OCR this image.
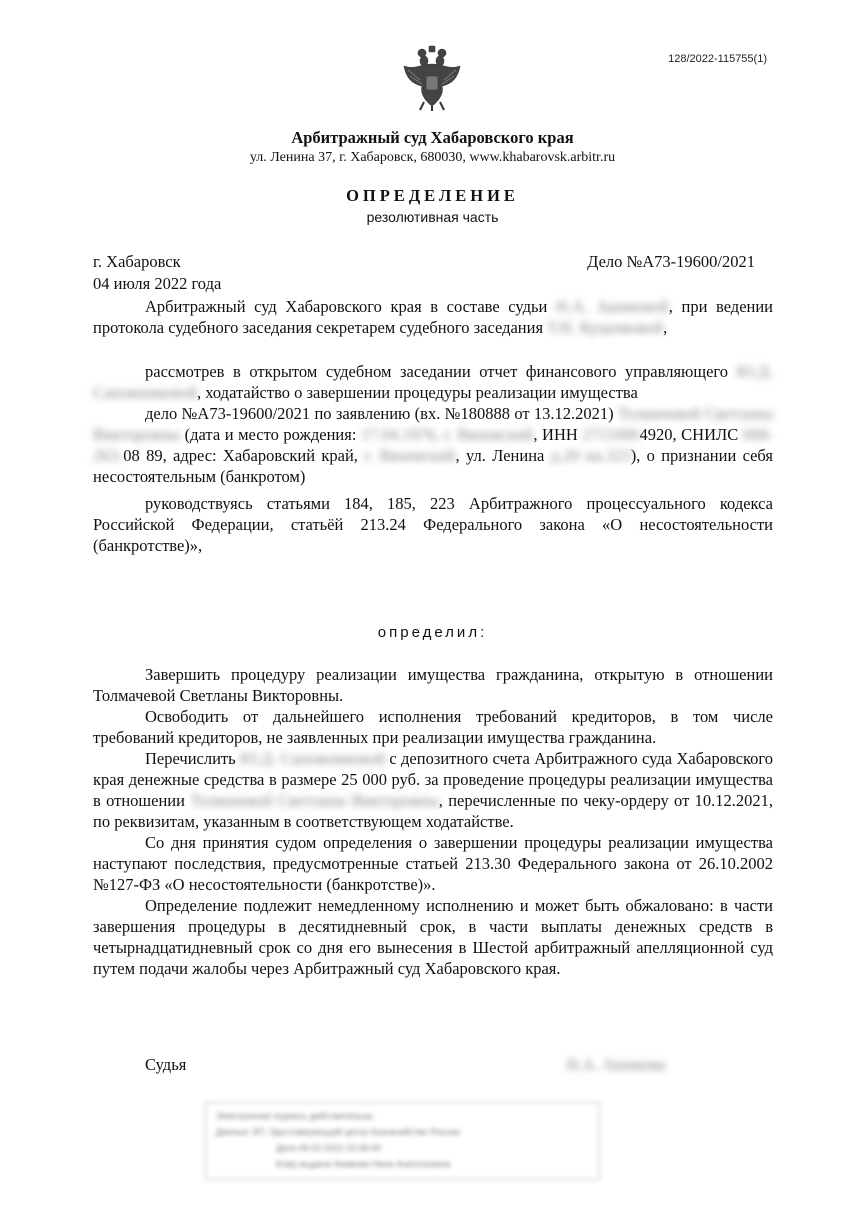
128/2022-115755(1)
Арбитражный суд Хабаровского края
ул. Ленина 37, г. Хабаровск, 680030, www.khabarovsk.arbitr.ru
ОПРЕДЕЛЕНИЕ
резолютивная часть
г. Хабаровск	Дело №А73-19600/2021
04 июля 2022 года

Арбитражный суд Хабаровского края в составе судьи Н.А. Акимовой, при ведении протокола судебного заседания секретарем судебного заседания Т.Н. Куценковой,

рассмотрев в открытом судебном заседании отчет финансового управляющего Ю.Д. Сапожниковой, ходатайство о завершении процедуры реализации имущества

дело №А73-19600/2021 по заявлению (вх. №180888 от 13.12.2021) Толмачевой Светланы Викторовны (дата и место рождения: 17.04.1976, г. Вяземский, ИНН 27110004920, СНИЛС 068-263-08 89, адрес: Хабаровский край, г. Вяземский, ул. Ленина д.20 кв.323), о признании себя несостоятельным (банкротом)

руководствуясь статьями 184, 185, 223 Арбитражного процессуального кодекса Российской Федерации, статьёй 213.24 Федерального закона «О несостоятельности (банкротстве)»,

определил:

Завершить процедуру реализации имущества гражданина, открытую в отношении Толмачевой Светланы Викторовны.

Освободить от дальнейшего исполнения требований кредиторов, в том числе требований кредиторов, не заявленных при реализации имущества гражданина.

Перечислить Ю.Д. Сапожниковой с депозитного счета Арбитражного суда Хабаровского края денежные средства в размере 25 000 руб. за проведение процедуры реализации имущества в отношении Толмачевой Светланы Викторовны, перечисленные по чеку-ордеру от 10.12.2021, по реквизитам, указанным в соответствующем ходатайстве.

Со дня принятия судом определения о завершении процедуры реализации имущества наступают последствия, предусмотренные статьей 213.30 Федерального закона от 26.10.2002 №127-ФЗ «О несостоятельности (банкротстве)».

Определение подлежит немедленному исполнению и может быть обжаловано: в части завершения процедуры в десятидневный срок, в части выплаты денежных средств в четырнадцатидневный срок со дня его вынесения в Шестой арбитражный апелляционной суд путем подачи жалобы через Арбитражный суд Хабаровского края.

Судья	Н.А. Акимова
Электронная подпись действительна.
Данные ЭП: Удостоверяющий центр Казначейство России
Дата 09.02.2022 23:46:00
Кому выдана Акимова Нина Анатольевна
